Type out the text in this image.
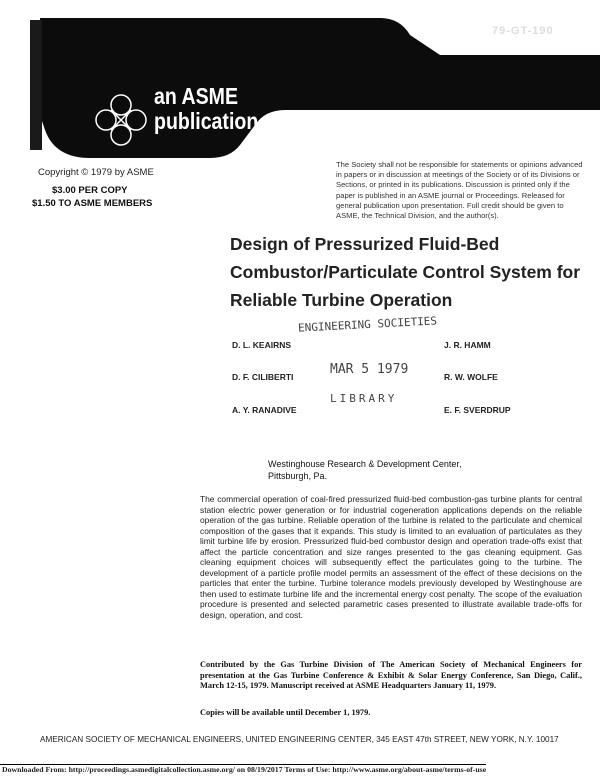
79-GT-190
an ASME
publication
The Society shall not be responsible for statements or opinions advanced in papers or in discussion at meetings of the Society or of its Divisions or Sections, or printed in its publications. Discussion is printed only if the paper is published in an ASME journal or Proceedings. Released for general publication upon presentation. Full credit should be given to ASME, the Technical Division, and the author(s).
Copyright © 1979 by ASME
$3.00 PER COPY
$1.50 TO ASME MEMBERS
Design of Pressurized Fluid-Bed
Combustor/Particulate Control System for
Reliable Turbine Operation
D. L. KEAIRNS
D. F. CILIBERTI
A. Y. RANADIVE
J. R. HAMM
R. W. WOLFE
E. F. SVERDRUP
ENGINEERING SOCIETIES
MAR 5 1979
LIBRARY
Westinghouse Research & Development Center,
Pittsburgh, Pa.
The commercial operation of coal-fired pressurized fluid-bed combustion-gas turbine plants for central station electric power generation or for industrial cogeneration applications depends on the reliable operation of the gas turbine. Reliable operation of the turbine is related to the particulate and chemical composition of the gases that it expands. This study is limited to an evaluation of particulates as they limit turbine life by erosion. Pressurized fluid-bed combustor design and operation trade-offs exist that affect the particle concentration and size ranges presented to the gas cleaning equipment. Gas cleaning equipment choices will subsequently effect the particulates going to the turbine. The development of a particle profile model permits an assessment of the effect of these decisions on the particles that enter the turbine. Turbine tolerance models previously developed by Westinghouse are then used to estimate turbine life and the incremental energy cost penalty. The scope of the evaluation procedure is presented and selected parametric cases presented to illustrate available trade-offs for design, operation, and cost.
Contributed by the Gas Turbine Division of The American Society of Mechanical Engineers for presentation at the Gas Turbine Conference & Exhibit & Solar Energy Conference, San Diego, Calif., March 12-15, 1979. Manuscript received at ASME Headquarters January 11, 1979.
Copies will be available until December 1, 1979.
AMERICAN SOCIETY OF MECHANICAL ENGINEERS, UNITED ENGINEERING CENTER, 345 EAST 47th STREET, NEW YORK, N.Y. 10017
Downloaded From: http://proceedings.asmedigitalcollection.asme.org/ on 08/19/2017 Terms of Use: http://www.asme.org/about-asme/terms-of-use
